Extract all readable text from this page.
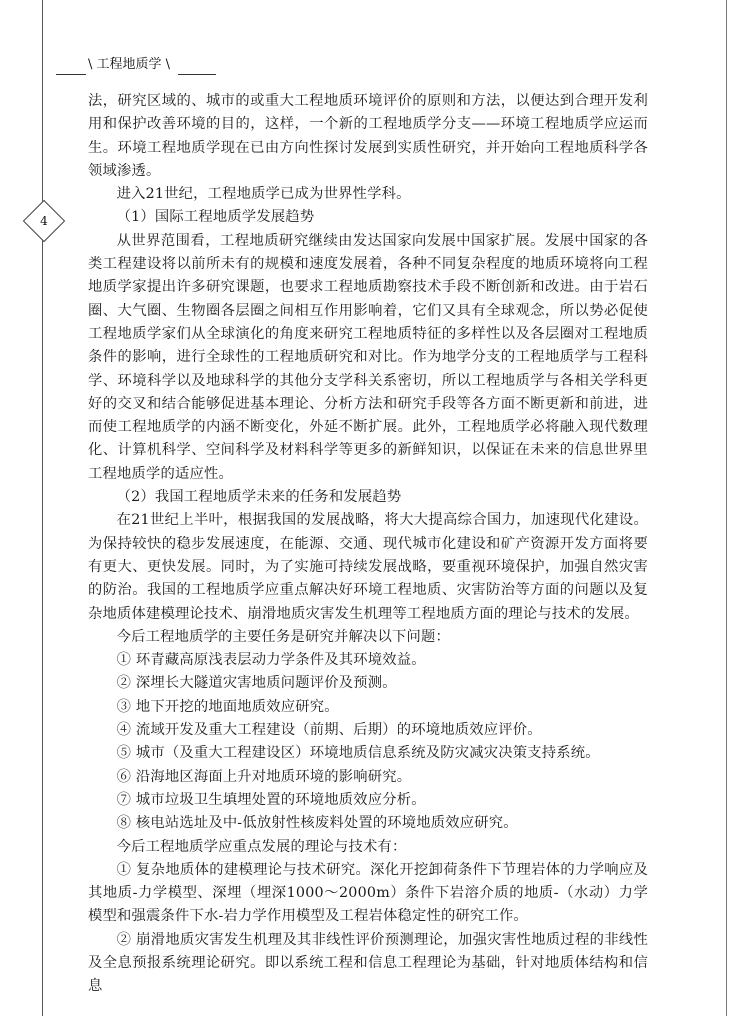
\ 工程地质学 \
4

法，研究区域的、城市的或重大工程地质环境评价的原则和方法，以便达到合理开发利用和保护改善环境的目的，这样，一个新的工程地质学分支——环境工程地质学应运而生。环境工程地质学现在已由方向性探讨发展到实质性研究，并开始向工程地质科学各领域渗透。

进入21世纪，工程地质学已成为世界性学科。

（1）国际工程地质学发展趋势

从世界范围看，工程地质研究继续由发达国家向发展中国家扩展。发展中国家的各类工程建设将以前所未有的规模和速度发展着，各种不同复杂程度的地质环境将向工程地质学家提出许多研究课题，也要求工程地质勘察技术手段不断创新和改进。由于岩石圈、大气圈、生物圈各层圈之间相互作用影响着，它们又具有全球观念，所以势必促使工程地质学家们从全球演化的角度来研究工程地质特征的多样性以及各层圈对工程地质条件的影响，进行全球性的工程地质研究和对比。作为地学分支的工程地质学与工程科学、环境科学以及地球科学的其他分支学科关系密切，所以工程地质学与各相关学科更好的交叉和结合能够促进基本理论、分析方法和研究手段等各方面不断更新和前进，进而使工程地质学的内涵不断变化，外延不断扩展。此外，工程地质学必将融入现代数理化、计算机科学、空间科学及材料科学等更多的新鲜知识，以保证在未来的信息世界里工程地质学的适应性。

（2）我国工程地质学未来的任务和发展趋势

在21世纪上半叶，根据我国的发展战略，将大大提高综合国力，加速现代化建设。为保持较快的稳步发展速度，在能源、交通、现代城市化建设和矿产资源开发方面将要有更大、更快发展。同时，为了实施可持续发展战略，要重视环境保护，加强自然灾害的防治。我国的工程地质学应重点解决好环境工程地质、灾害防治等方面的问题以及复杂地质体建模理论技术、崩滑地质灾害发生机理等工程地质方面的理论与技术的发展。

今后工程地质学的主要任务是研究并解决以下问题：

① 环青藏高原浅表层动力学条件及其环境效益。

② 深埋长大隧道灾害地质问题评价及预测。

③ 地下开挖的地面地质效应研究。

④ 流域开发及重大工程建设（前期、后期）的环境地质效应评价。

⑤ 城市（及重大工程建设区）环境地质信息系统及防灾减灾决策支持系统。

⑥ 沿海地区海面上升对地质环境的影响研究。

⑦ 城市垃圾卫生填埋处置的环境地质效应分析。

⑧ 核电站选址及中-低放射性核废料处置的环境地质效应研究。

今后工程地质学应重点发展的理论与技术有：

① 复杂地质体的建模理论与技术研究。深化开挖卸荷条件下节理岩体的力学响应及其地质-力学模型、深埋（埋深1000～2000m）条件下岩溶介质的地质-（水动）力学模型和强震条件下水-岩力学作用模型及工程岩体稳定性的研究工作。

② 崩滑地质灾害发生机理及其非线性评价预测理论，加强灾害性地质过程的非线性及全息预报系统理论研究。即以系统工程和信息工程理论为基础，针对地质体结构和信息
